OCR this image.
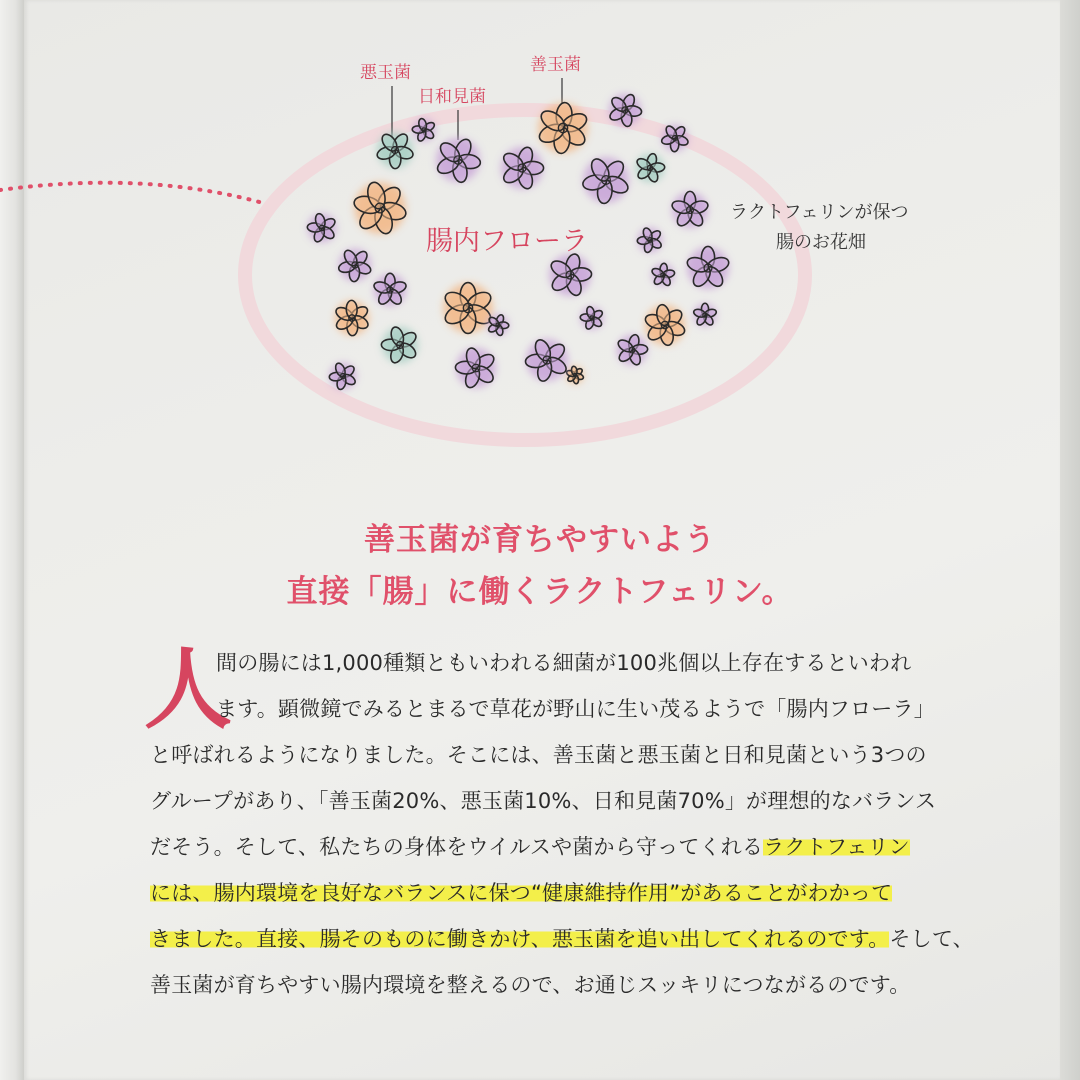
悪玉菌
日和見菌
善玉菌
腸内フローラ
ラクトフェリンが保つ
腸のお花畑
善玉菌が育ちやすいよう
直接「腸」に働くラクトフェリン。
人
間の腸には1,000種類ともいわれる細菌が100兆個以上存在するといわれ
ます。顕微鏡でみるとまるで草花が野山に生い茂るようで「腸内フローラ」
と呼ばれるようになりました。そこには、善玉菌と悪玉菌と日和見菌という3つの
グループがあり、「善玉菌20%、悪玉菌10%、日和見菌70%」が理想的なバランス
だそう。そして、私たちの身体をウイルスや菌から守ってくれるラクトフェリン
には、腸内環境を良好なバランスに保つ“健康維持作用”があることがわかって
きました。直接、腸そのものに働きかけ、悪玉菌を追い出してくれるのです。そして、
善玉菌が育ちやすい腸内環境を整えるので、お通じスッキリにつながるのです。
